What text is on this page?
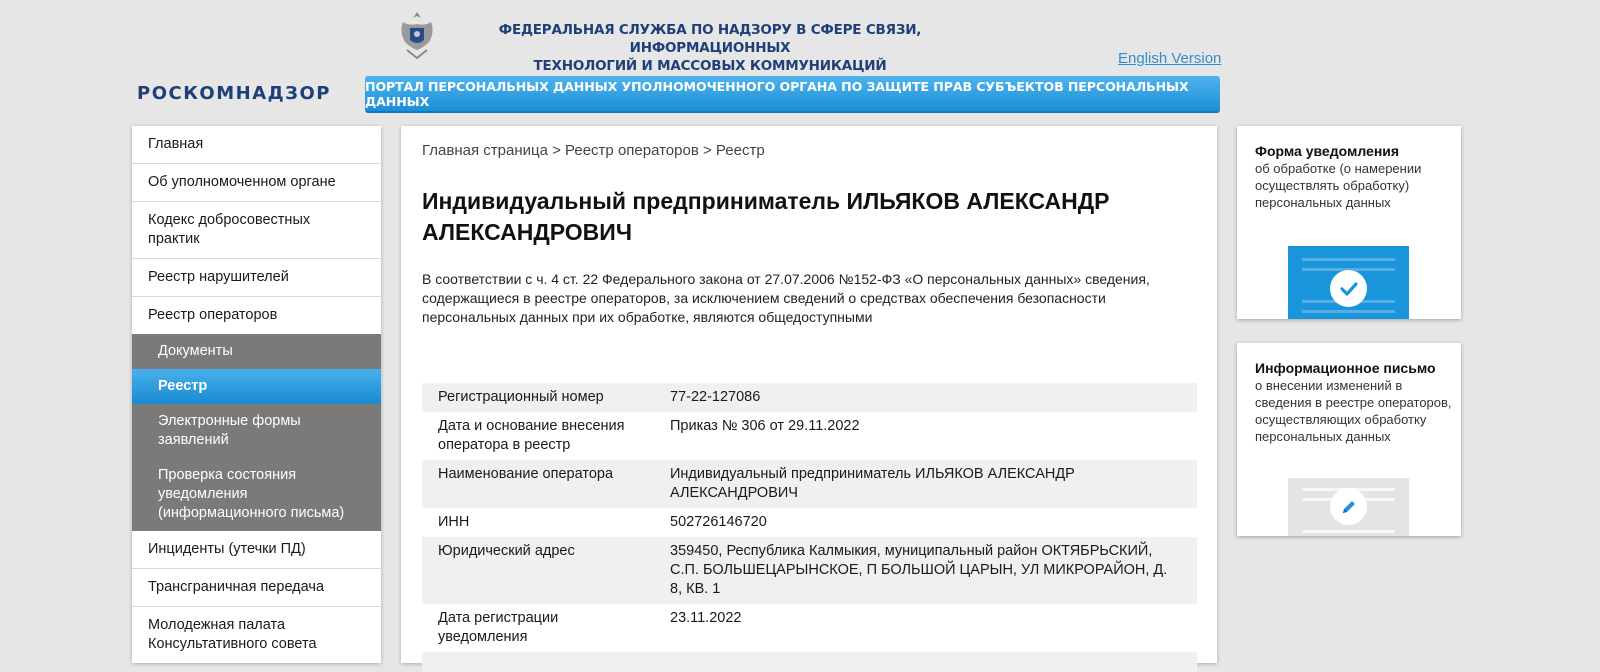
ФЕДЕРАЛЬНАЯ СЛУЖБА ПО НАДЗОРУ В СФЕРЕ СВЯЗИ, ИНФОРМАЦИОННЫХ
ТЕХНОЛОГИЙ И МАССОВЫХ КОММУНИКАЦИЙ	English Version
РОСКОМНАДЗОР	ПОРТАЛ ПЕРСОНАЛЬНЫХ ДАННЫХ УПОЛНОМОЧЕННОГО ОРГАНА ПО ЗАЩИТЕ ПРАВ СУБЪЕКТОВ ПЕРСОНАЛЬНЫХ ДАННЫХ
Главная
Об уполномоченном органе
Кодекс добросовестных практик
Реестр нарушителей
Реестр операторов
Документы
Реестр
Электронные формы заявлений
Проверка состояния уведомления (информационного письма)
Инциденты (утечки ПД)
Трансграничная передача
Молодежная палата Консультативного совета
Главная страница > Реестр операторов > Реестр
Индивидуальный предприниматель ИЛЬЯКОВ АЛЕКСАНДР АЛЕКСАНДРОВИЧ
В соответствии с ч. 4 ст. 22 Федерального закона от 27.07.2006 №152-ФЗ «О персональных данных» сведения, содержащиеся в реестре операторов, за исключением сведений о средствах обеспечения безопасности персональных данных при их обработке, являются общедоступными
Регистрационный номер	77-22-127086
Дата и основание внесения оператора в реестр	Приказ № 306 от 29.11.2022
Наименование оператора	Индивидуальный предприниматель ИЛЬЯКОВ АЛЕКСАНДР АЛЕКСАНДРОВИЧ
ИНН	502726146720
Юридический адрес	359450, Республика Калмыкия, муниципальный район ОКТЯБРЬСКИЙ, С.П. БОЛЬШЕЦАРЫНСКОЕ, П БОЛЬШОЙ ЦАРЫН, УЛ МИКРОРАЙОН, Д. 8, КВ. 1
Дата регистрации уведомления	23.11.2022

Форма уведомления

об обработке (о намерении осуществлять обработку) персональных данных

Информационное письмо

о внесении изменений в сведения в реестре операторов, осуществляющих обработку персональных данных
